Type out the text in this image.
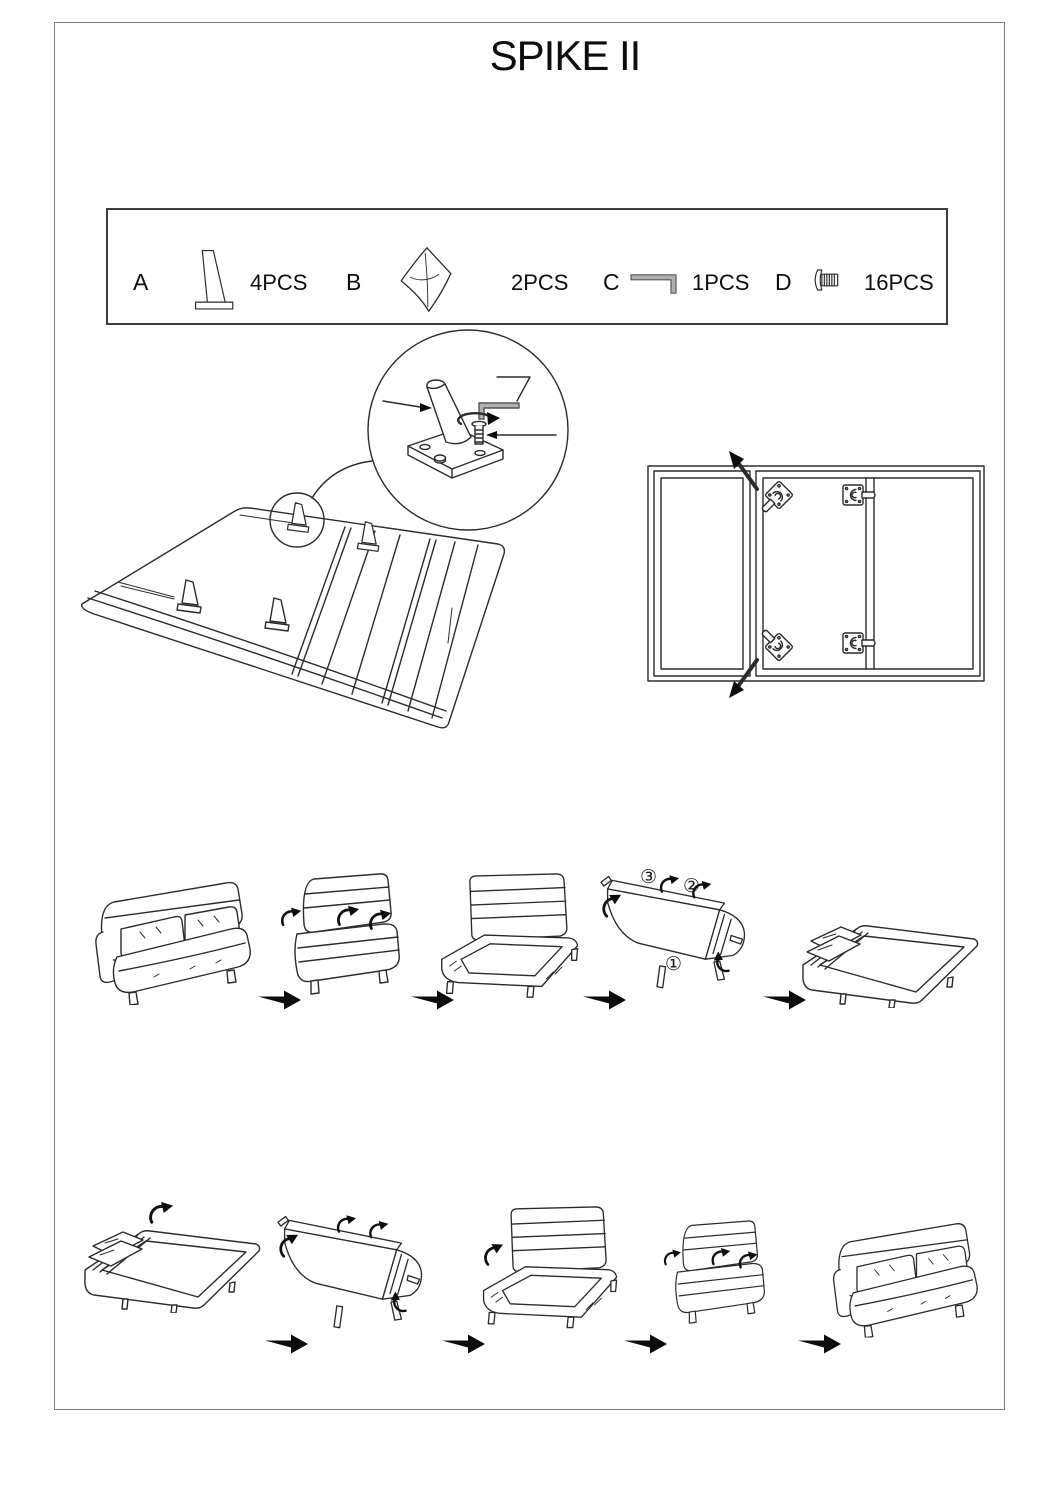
SPIKE II
A	4PCS B	2PCS C	1PCS D	16PCS
③ ②
①
